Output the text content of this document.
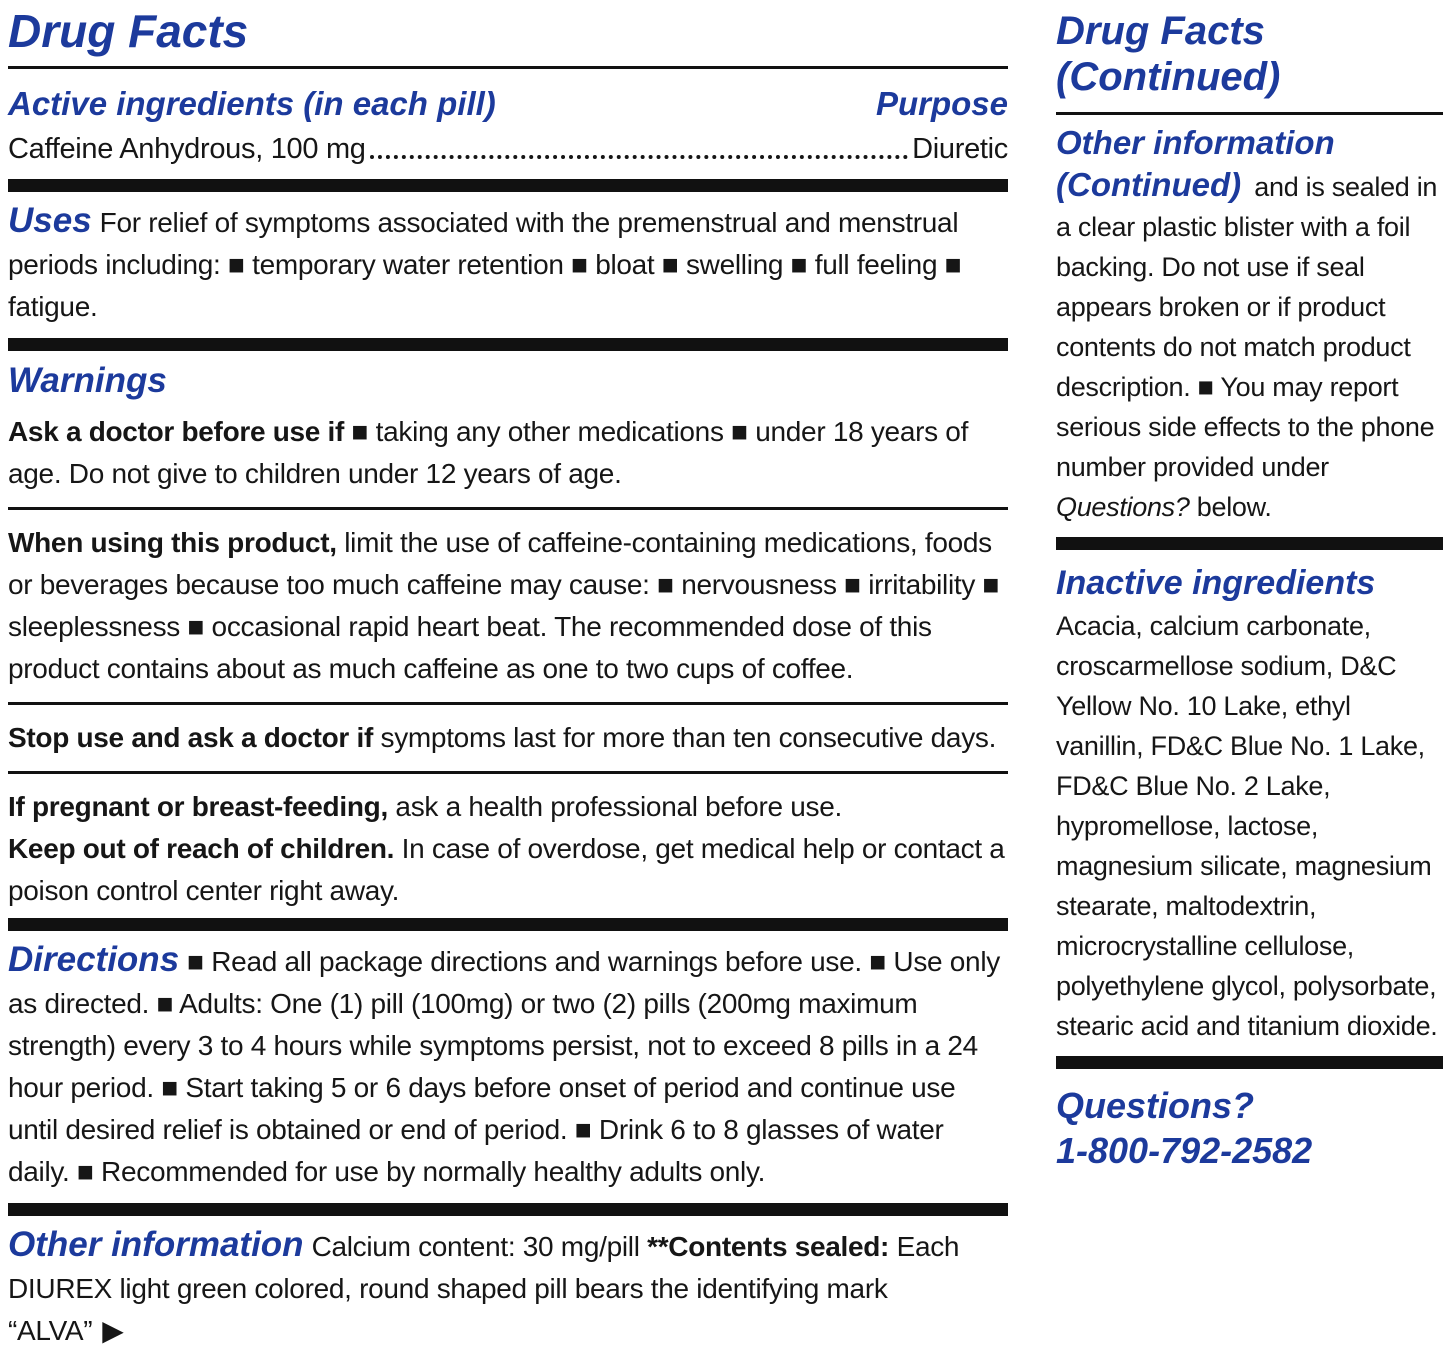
Drug Facts
Active ingredients (in each pill)	Purpose
Caffeine Anhydrous, 100 mg	Diuretic

Uses For relief of symptoms associated with the premenstrual and menstrual periods including: ■ temporary water retention ■ bloat ■ swelling ■ full feeling ■ fatigue.

Warnings

Ask a doctor before use if ■ taking any other medications ■ under 18 years of age. Do not give to children under 12 years of age.

When using this product, limit the use of caffeine-containing medications, foods or beverages because too much caffeine may cause: ■ nervousness ■ irritability ■ sleeplessness ■ occasional rapid heart beat. The recommended dose of this product contains about as much caffeine as one to two cups of coffee.

Stop use and ask a doctor if symptoms last for more than ten consecutive days.

If pregnant or breast-feeding, ask a health professional before use.
Keep out of reach of children. In case of overdose, get medical help or contact a poison control center right away.

Directions ■ Read all package directions and warnings before use. ■ Use only as directed. ■ Adults: One (1) pill (100mg) or two (2) pills (200mg maximum strength) every 3 to 4 hours while symptoms persist, not to exceed 8 pills in a 24 hour period. ■ Start taking 5 or 6 days before onset of period and continue use until desired relief is obtained or end of period. ■ Drink 6 to 8 glasses of water daily. ■ Recommended for use by normally healthy adults only.

Other information Calcium content: 30 mg/pill **Contents sealed: Each DIUREX light green colored, round shaped pill bears the identifying mark “ALVA” ▶

Drug Facts
(Continued)

Other information (Continued) and is sealed in a clear plastic blister with a foil backing. Do not use if seal appears broken or if product contents do not match product description. ■ You may report serious side effects to the phone number provided under Questions? below.

Inactive ingredients

Acacia, calcium carbonate, croscarmellose sodium, D&C Yellow No. 10 Lake, ethyl vanillin, FD&C Blue No. 1 Lake, FD&C Blue No. 2 Lake, hypromellose, lactose, magnesium silicate, magnesium stearate, maltodextrin, microcrystalline cellulose, polyethylene glycol, polysorbate, stearic acid and titanium dioxide.

Questions?
1-800-792-2582
